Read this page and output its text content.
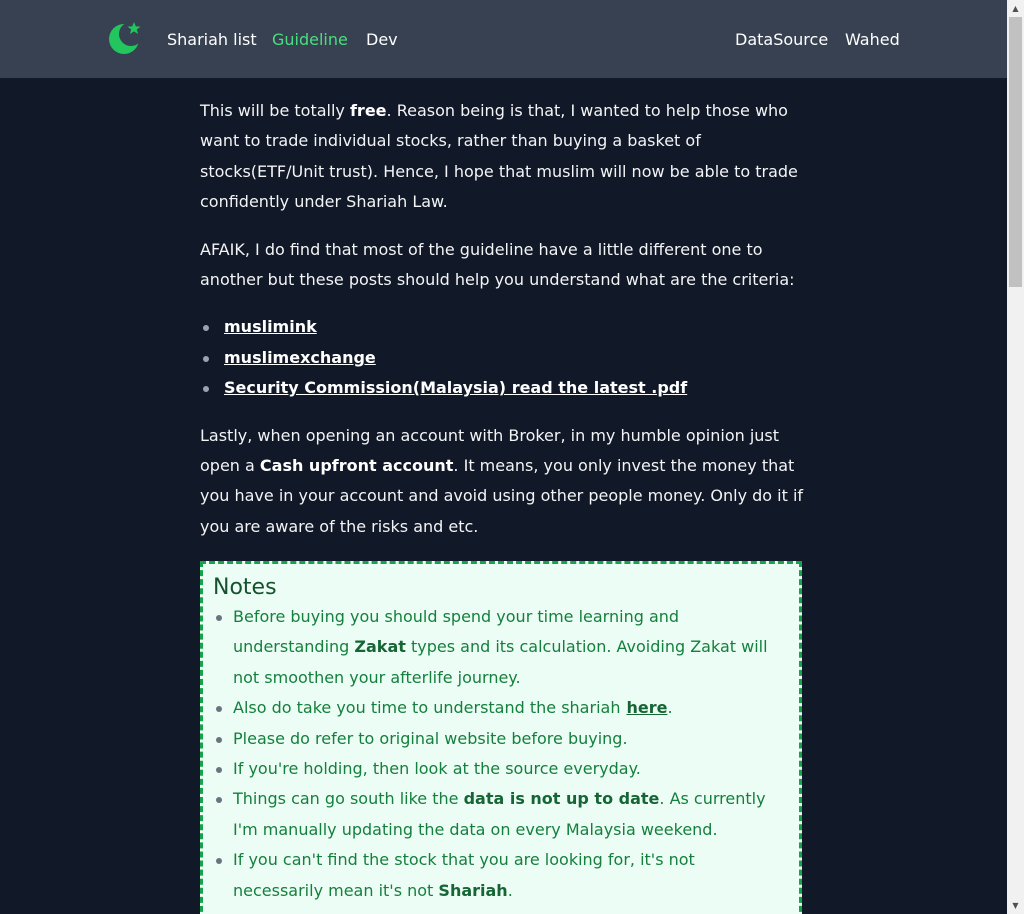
Shariah list Guideline Dev	DataSource Wahed

This will be totally free. Reason being is that, I wanted to help those who want to trade individual stocks, rather than buying a basket of stocks(ETF/Unit trust). Hence, I hope that muslim will now be able to trade confidently under Shariah Law.

AFAIK, I do find that most of the guideline have a little different one to another but these posts should help you understand what are the criteria:

muslimink
muslimexchange
Security Commission(Malaysia) read the latest .pdf

Lastly, when opening an account with Broker, in my humble opinion just open a Cash upfront account. It means, you only invest the money that you have in your account and avoid using other people money. Only do it if you are aware of the risks and etc.

Notes
Before buying you should spend your time learning and understanding Zakat types and its calculation. Avoiding Zakat will not smoothen your afterlife journey.
Also do take you time to understand the shariah here.
Please do refer to original website before buying.
If you're holding, then look at the source everyday.
Things can go south like the data is not up to date. As currently I'm manually updating the data on every Malaysia weekend.
If you can't find the stock that you are looking for, it's not necessarily mean it's not Shariah.
▲
▼
